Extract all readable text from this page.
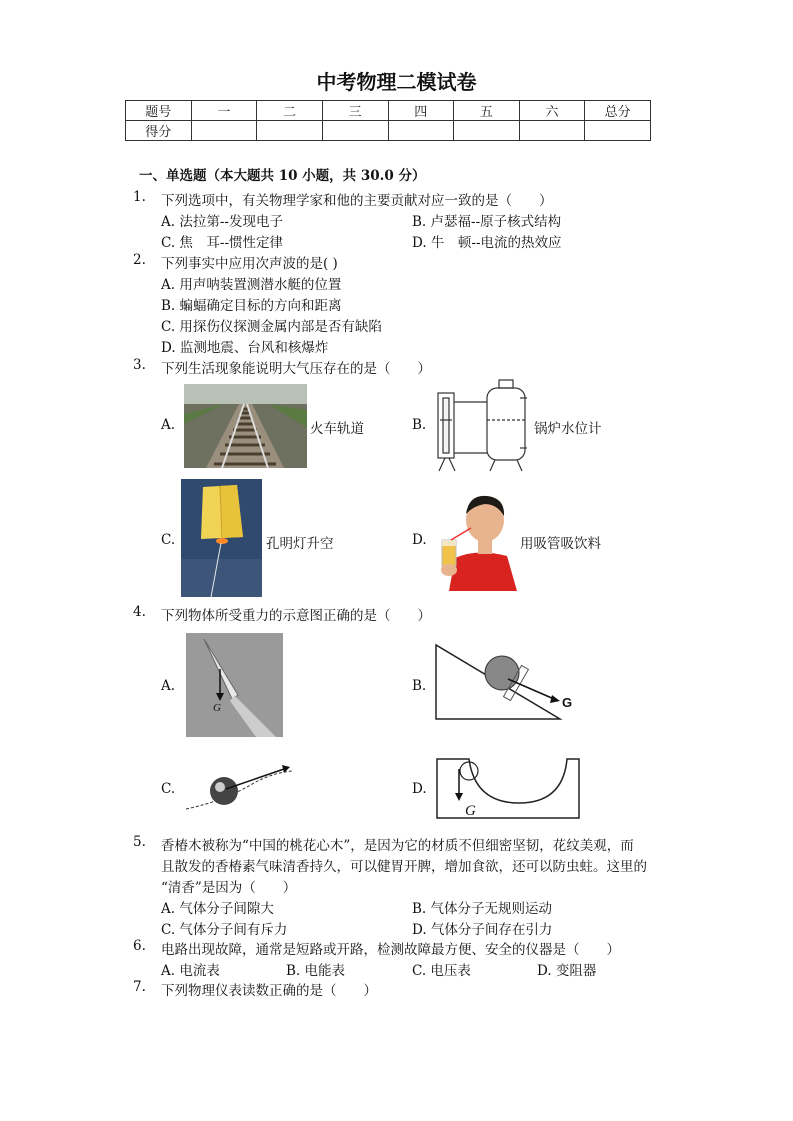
中考物理二模试卷
题号	一	二	三	四	五	六	总分
得分							
一、单选题（本大题共 10 小题，共 30.0 分）
1. 下列选项中，有关物理学家和他的主要贡献对应一致的是（　　）
A. 法拉第--发现电子	B. 卢瑟福--原子核式结构
C. 焦　耳--惯性定律	D. 牛　顿--电流的热效应
2. 下列事实中应用次声波的是( )
A. 用声呐装置测潜水艇的位置
B. 蝙蝠确定目标的方向和距离
C. 用探伤仪探测金属内部是否有缺陷
D. 监测地震、台风和核爆炸
3. 下列生活现象能说明大气压存在的是（　　）
A.	火车轨道	B.	锅炉水位计
C.	孔明灯升空	D.	用吸管吸饮料
4. 下列物体所受重力的示意图正确的是（　　）
A.
G
B.
G
C.	D.
G
5. 香椿木被称为“中国的桃花心木”，是因为它的材质不但细密坚韧，花纹美观，而
且散发的香椿素气味清香持久，可以健胃开脾，增加食欲，还可以防虫蛀。这里的
“清香”是因为（　　）
A. 气体分子间隙大	B. 气体分子无规则运动
C. 气体分子间有斥力	D. 气体分子间存在引力
6. 电路出现故障，通常是短路或开路，检测故障最方便、安全的仪器是（　　）
A. 电流表	B. 电能表	C. 电压表	D. 变阻器
7. 下列物理仪表读数正确的是（　　）
